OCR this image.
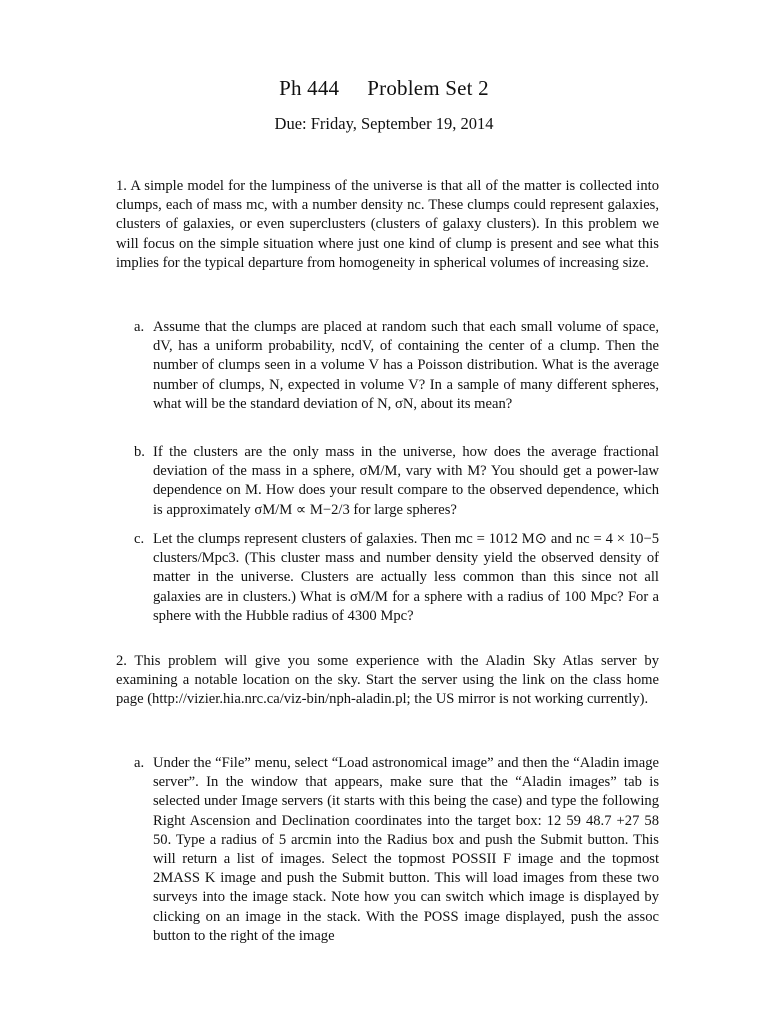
Ph 444 Problem Set 2
Due: Friday, September 19, 2014

1. A simple model for the lumpiness of the universe is that all of the matter is collected into clumps, each of mass mc, with a number density nc. These clumps could represent galaxies, clusters of galaxies, or even superclusters (clusters of galaxy clusters). In this problem we will focus on the simple situation where just one kind of clump is present and see what this implies for the typical departure from homogeneity in spherical volumes of increasing size.

a. Assume that the clumps are placed at random such that each small volume of space, dV, has a uniform probability, ncdV, of containing the center of a clump. Then the number of clumps seen in a volume V has a Poisson distribution. What is the average number of clumps, N, expected in volume V? In a sample of many different spheres, what will be the standard deviation of N, σN, about its mean?
b. If the clusters are the only mass in the universe, how does the average fractional deviation of the mass in a sphere, σM/M, vary with M? You should get a power-law dependence on M. How does your result compare to the observed dependence, which is approximately σM/M ∝ M−2/3 for large spheres?
c. Let the clumps represent clusters of galaxies. Then mc = 1012 M⊙ and nc = 4 × 10−5 clusters/Mpc3. (This cluster mass and number density yield the observed density of matter in the universe. Clusters are actually less common than this since not all galaxies are in clusters.) What is σM/M for a sphere with a radius of 100 Mpc? For a sphere with the Hubble radius of 4300 Mpc?

2. This problem will give you some experience with the Aladin Sky Atlas server by examining a notable location on the sky. Start the server using the link on the class home page (http://vizier.hia.nrc.ca/viz-bin/nph-aladin.pl; the US mirror is not working currently).

a. Under the “File” menu, select “Load astronomical image” and then the “Aladin image server”. In the window that appears, make sure that the “Aladin images” tab is selected under Image servers (it starts with this being the case) and type the following Right Ascension and Declination coordinates into the target box: 12 59 48.7 +27 58 50. Type a radius of 5 arcmin into the Radius box and push the Submit button. This will return a list of images. Select the topmost POSSII F image and the topmost 2MASS K image and push the Submit button. This will load images from these two surveys into the image stack. Note how you can switch which image is displayed by clicking on an image in the stack. With the POSS image displayed, push the assoc button to the right of the image
